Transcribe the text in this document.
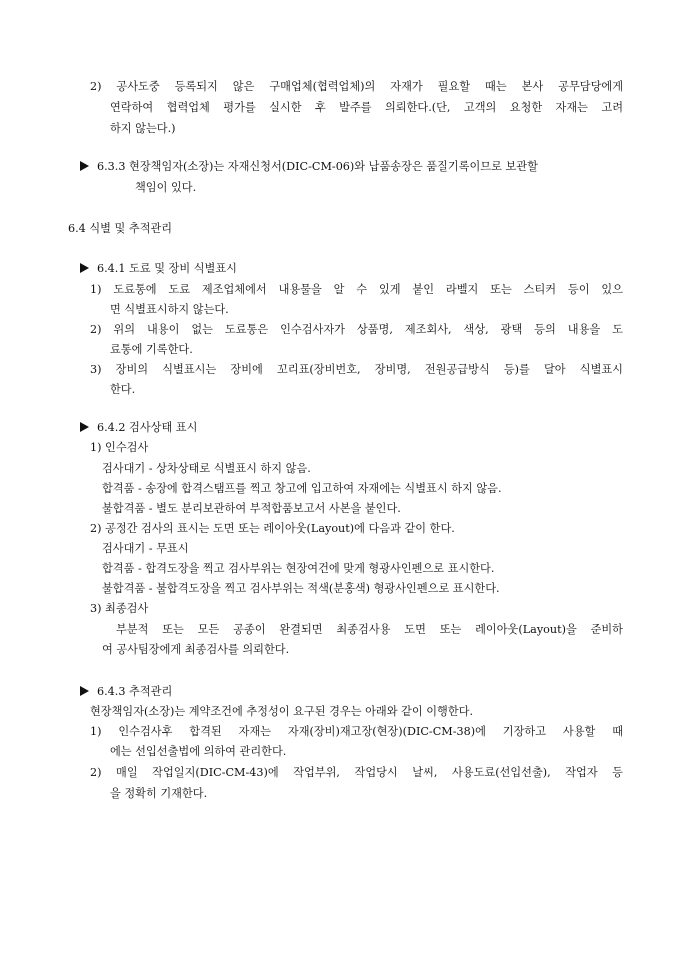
2) 공사도중 등록되지 않은 구매업체(협력업체)의 자재가 필요할 때는 본사 공무담당에게
연락하여 협력업체 평가를 실시한 후 발주를 의뢰한다.(단, 고객의 요청한 자재는 고려
하지 않는다.)
6.3.3 현장책임자(소장)는 자재신청서(DIC-CM-06)와 납품송장은 품질기록이므로 보관할
책임이 있다.
6.4 식별 및 추적관리
6.4.1 도료 및 장비 식별표시
1) 도료통에 도료 제조업체에서 내용물을 알 수 있게 붙인 라벨지 또는 스티커 등이 있으
면 식별표시하지 않는다.
2) 위의 내용이 없는 도료통은 인수검사자가 상품명, 제조회사, 색상, 광택 등의 내용을 도
료통에 기록한다.
3) 장비의 식별표시는 장비에 꼬리표(장비번호, 장비명, 전원공급방식 등)를 달아 식별표시
한다.
6.4.2 검사상태 표시
1) 인수검사
검사대기 - 상차상태로 식별표시 하지 않음.
합격품 - 송장에 합격스탬프를 찍고 창고에 입고하여 자재에는 식별표시 하지 않음.
불합격품 - 별도 분리보관하여 부적합품보고서 사본을 붙인다.
2) 공정간 검사의 표시는 도면 또는 레이아웃(Layout)에 다음과 같이 한다.
검사대기 - 무표시
합격품 - 합격도장을 찍고 검사부위는 현장여건에 맞게 형광사인펜으로 표시한다.
불합격품 - 불합격도장을 찍고 검사부위는 적색(분홍색) 형광사인펜으로 표시한다.
3) 최종검사
부분적 또는 모든 공종이 완결되면 최종검사용 도면 또는 레이아웃(Layout)을 준비하
여 공사팀장에게 최종검사를 의뢰한다.
6.4.3 추적관리
현장책임자(소장)는 계약조건에 추정성이 요구된 경우는 아래와 같이 이행한다.
1) 인수검사후 합격된 자재는 자재(장비)재고장(현장)(DIC-CM-38)에 기장하고 사용할 때
에는 선입선출법에 의하여 관리한다.
2) 매일 작업일지(DIC-CM-43)에 작업부위, 작업당시 날씨, 사용도료(선입선출), 작업자 등
을 정확히 기재한다.
